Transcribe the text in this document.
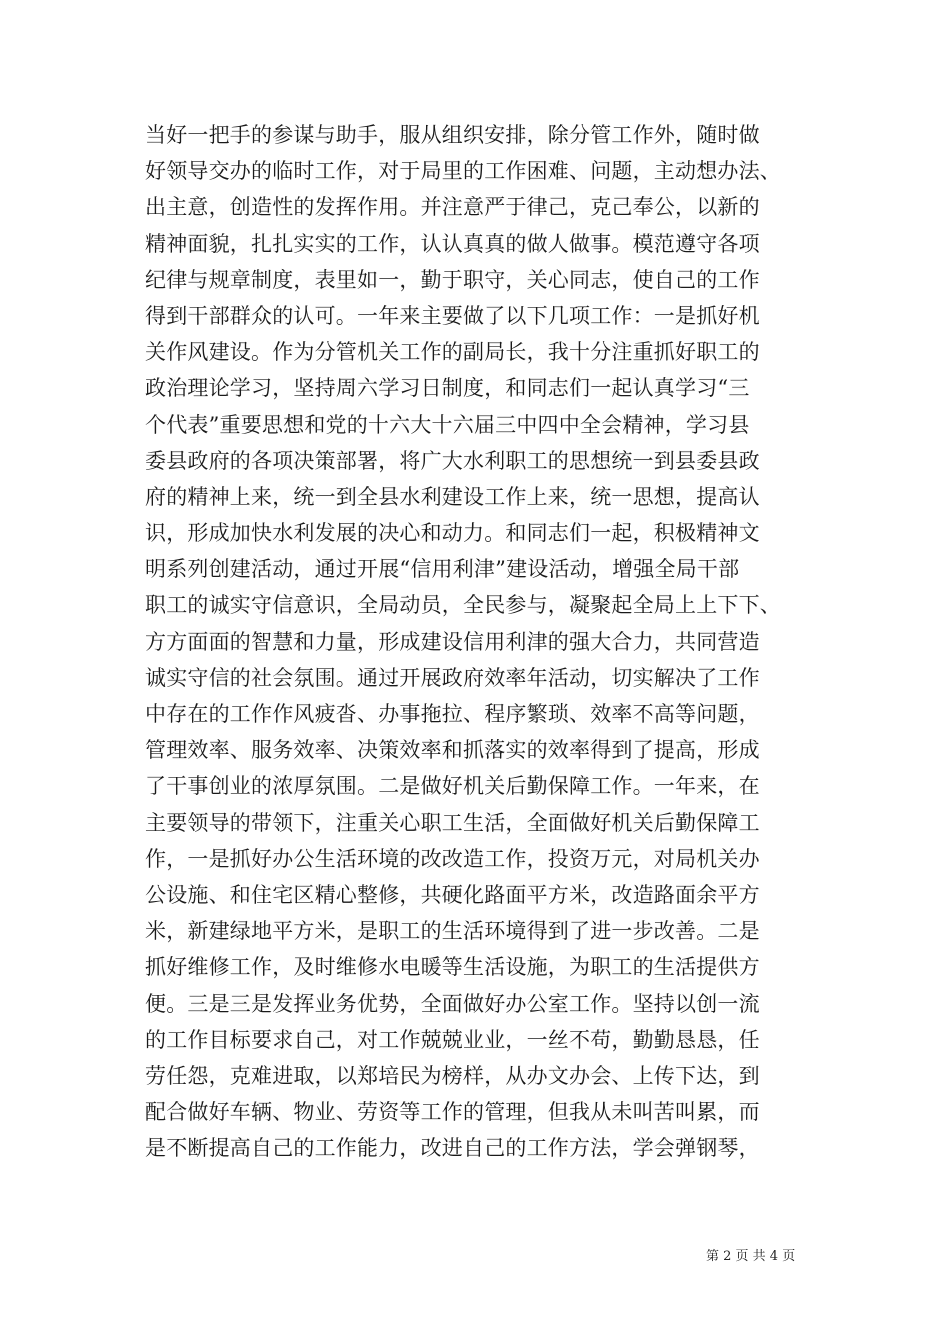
当好一把手的参谋与助手，服从组织安排，除分管工作外，随时做
好领导交办的临时工作，对于局里的工作困难、问题，主动想办法、
出主意，创造性的发挥作用。并注意严于律己，克己奉公，以新的
精神面貌，扎扎实实的工作，认认真真的做人做事。模范遵守各项
纪律与规章制度，表里如一，勤于职守，关心同志，使自己的工作
得到干部群众的认可。一年来主要做了以下几项工作：一是抓好机
关作风建设。作为分管机关工作的副局长，我十分注重抓好职工的
政治理论学习，坚持周六学习日制度，和同志们一起认真学习“三
个代表”重要思想和党的十六大十六届三中四中全会精神，学习县
委县政府的各项决策部署，将广大水利职工的思想统一到县委县政
府的精神上来，统一到全县水利建设工作上来，统一思想，提高认
识，形成加快水利发展的决心和动力。和同志们一起，积极精神文
明系列创建活动，通过开展“信用利津”建设活动，增强全局干部
职工的诚实守信意识，全局动员，全民参与，凝聚起全局上上下下、
方方面面的智慧和力量，形成建设信用利津的强大合力，共同营造
诚实守信的社会氛围。通过开展政府效率年活动，切实解决了工作
中存在的工作作风疲沓、办事拖拉、程序繁琐、效率不高等问题，
管理效率、服务效率、决策效率和抓落实的效率得到了提高，形成
了干事创业的浓厚氛围。二是做好机关后勤保障工作。一年来，在
主要领导的带领下，注重关心职工生活，全面做好机关后勤保障工
作，一是抓好办公生活环境的改改造工作，投资万元，对局机关办
公设施、和住宅区精心整修，共硬化路面平方米，改造路面余平方
米，新建绿地平方米，是职工的生活环境得到了进一步改善。二是
抓好维修工作，及时维修水电暖等生活设施，为职工的生活提供方
便。三是三是发挥业务优势，全面做好办公室工作。坚持以创一流
的工作目标要求自己，对工作兢兢业业，一丝不苟，勤勤恳恳，任
劳任怨，克难进取，以郑培民为榜样，从办文办会、上传下达，到
配合做好车辆、物业、劳资等工作的管理，但我从未叫苦叫累，而
是不断提高自己的工作能力，改进自己的工作方法，学会弹钢琴，
第 2 页 共 4 页
